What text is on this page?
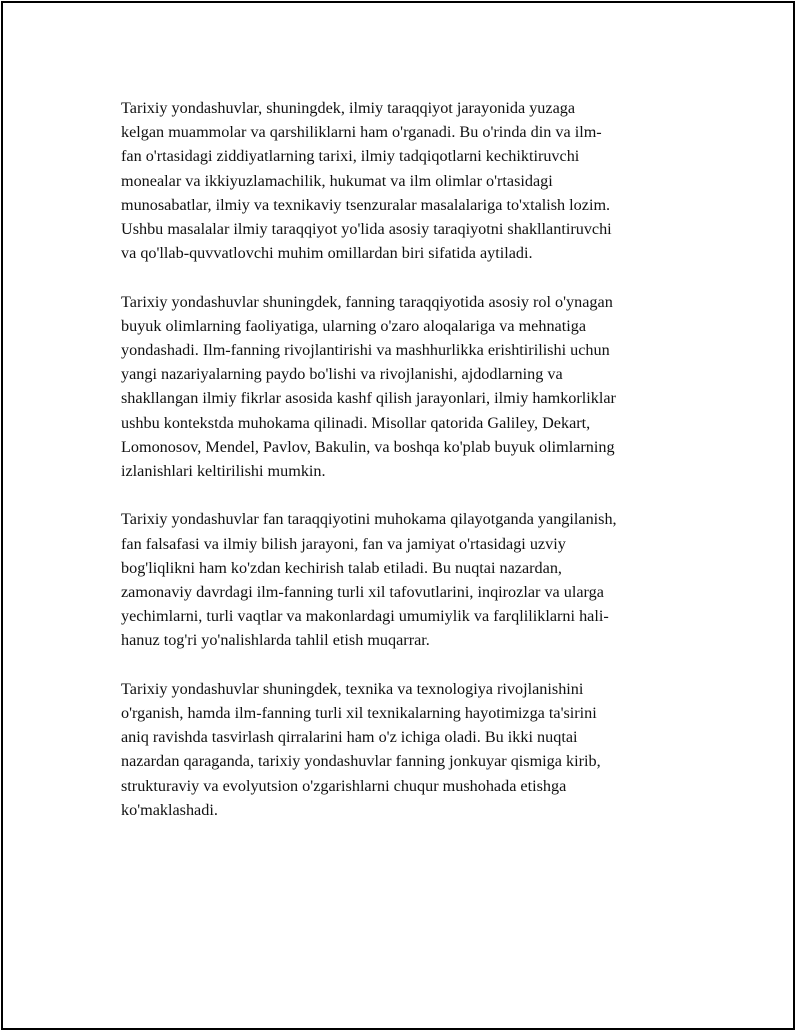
Tarixiy yondashuvlar, shuningdek, ilmiy taraqqiyot jarayonida yuzaga
kelgan muammolar va qarshiliklarni ham o'rganadi. Bu o'rinda din va ilm-
fan o'rtasidagi ziddiyatlarning tarixi, ilmiy tadqiqotlarni kechiktiruvchi
monealar va ikkiyuzlamachilik, hukumat va ilm olimlar o'rtasidagi
munosabatlar, ilmiy va texnikaviy tsenzuralar masalalariga to'xtalish lozim.
Ushbu masalalar ilmiy taraqqiyot yo'lida asosiy taraqiyotni shakllantiruvchi
va qo'llab-quvvatlovchi muhim omillardan biri sifatida aytiladi.

Tarixiy yondashuvlar shuningdek, fanning taraqqiyotida asosiy rol o'ynagan
buyuk olimlarning faoliyatiga, ularning o'zaro aloqalariga va mehnatiga
yondashadi. Ilm-fanning rivojlantirishi va mashhurlikka erishtirilishi uchun
yangi nazariyalarning paydo bo'lishi va rivojlanishi, ajdodlarning va
shakllangan ilmiy fikrlar asosida kashf qilish jarayonlari, ilmiy hamkorliklar
ushbu kontekstda muhokama qilinadi. Misollar qatorida Galiley, Dekart,
Lomonosov, Mendel, Pavlov, Bakulin, va boshqa ko'plab buyuk olimlarning
izlanishlari keltirilishi mumkin.

Tarixiy yondashuvlar fan taraqqiyotini muhokama qilayotganda yangilanish,
fan falsafasi va ilmiy bilish jarayoni, fan va jamiyat o'rtasidagi uzviy
bog'liqlikni ham ko'zdan kechirish talab etiladi. Bu nuqtai nazardan,
zamonaviy davrdagi ilm-fanning turli xil tafovutlarini, inqirozlar va ularga
yechimlarni, turli vaqtlar va makonlardagi umumiylik va farqliliklarni hali-
hanuz tog'ri yo'nalishlarda tahlil etish muqarrar.

Tarixiy yondashuvlar shuningdek, texnika va texnologiya rivojlanishini
o'rganish, hamda ilm-fanning turli xil texnikalarning hayotimizga ta'sirini
aniq ravishda tasvirlash qirralarini ham o'z ichiga oladi. Bu ikki nuqtai
nazardan qaraganda, tarixiy yondashuvlar fanning jonkuyar qismiga kirib,
strukturaviy va evolyutsion o'zgarishlarni chuqur mushohada etishga
ko'maklashadi.
